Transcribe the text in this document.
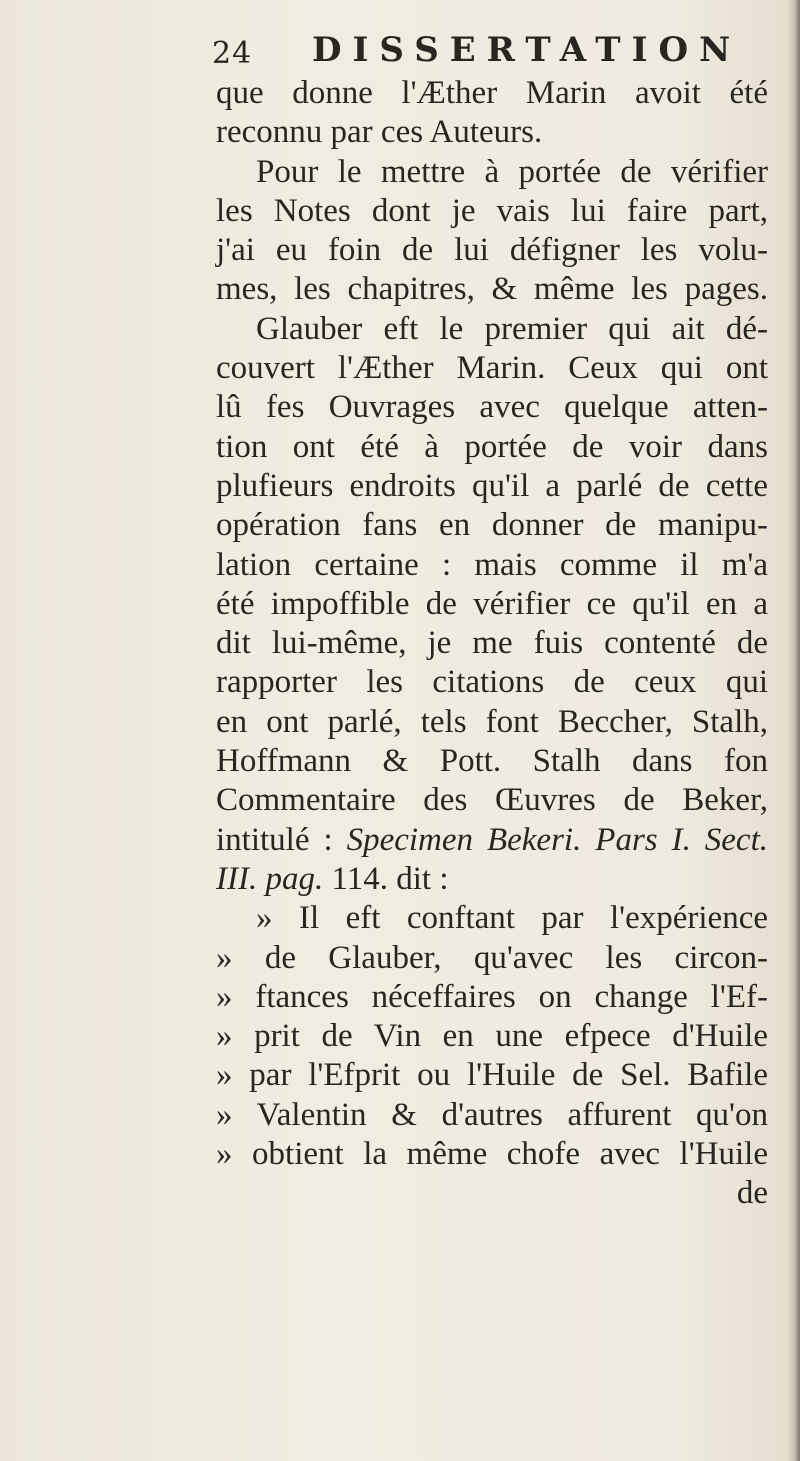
24 DISSERTATION
que donne l'Æther Marin avoit été
reconnu par ces Auteurs.
Pour le mettre à portée de vérifier
les Notes dont je vais lui faire part,
j'ai eu foin de lui défigner les volu-
mes, les chapitres, & même les pages.
Glauber eft le premier qui ait dé-
couvert l'Æther Marin. Ceux qui ont
lû fes Ouvrages avec quelque atten-
tion ont été à portée de voir dans
plufieurs endroits qu'il a parlé de cette
opération fans en donner de manipu-
lation certaine : mais comme il m'a
été impoffible de vérifier ce qu'il en a
dit lui-même, je me fuis contenté de
rapporter les citations de ceux qui
en ont parlé, tels font Beccher, Stalh,
Hoffmann & Pott. Stalh dans fon
Commentaire des Œuvres de Beker,
intitulé : Specimen Bekeri. Pars I. Sect.
III. pag. 114. dit :
» Il eft conftant par l'expérience
» de Glauber, qu'avec les circon-
» ftances néceffaires on change l'Ef-
» prit de Vin en une efpece d'Huile
» par l'Efprit ou l'Huile de Sel. Bafile
» Valentin & d'autres affurent qu'on
» obtient la même chofe avec l'Huile
de
